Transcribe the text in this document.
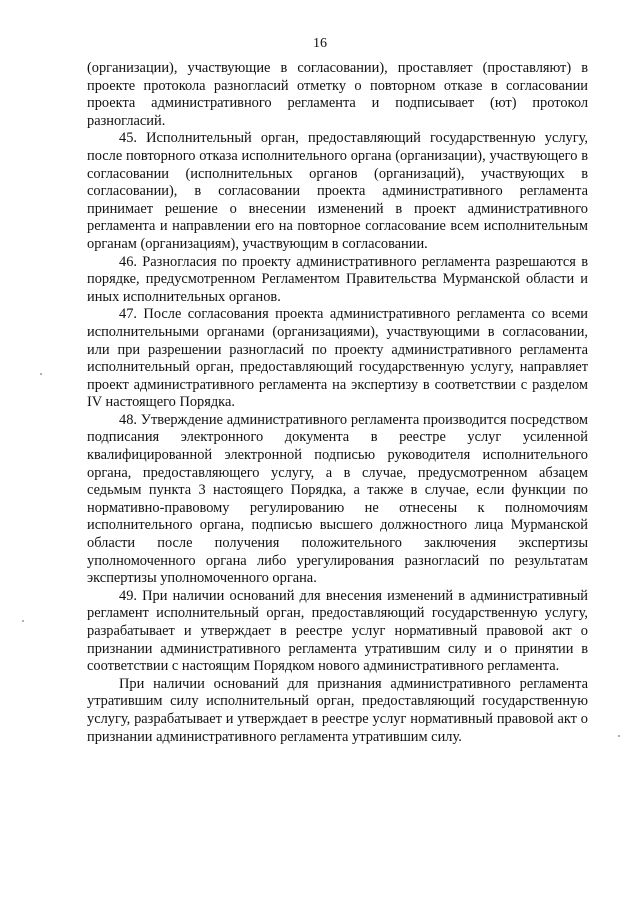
16

(организации), участвующие в согласовании), проставляет (проставляют) в проекте протокола разногласий отметку о повторном отказе в согласовании проекта административного регламента и подписывает (ют) протокол разногласий.

45. Исполнительный орган, предоставляющий государственную услугу, после повторного отказа исполнительного органа (организации), участвующего в согласовании (исполнительных органов (организаций), участвующих в согласовании), в согласовании проекта административного регламента принимает решение о внесении изменений в проект административного регламента и направлении его на повторное согласование всем исполнительным органам (организациям), участвующим в согласовании.

46. Разногласия по проекту административного регламента разрешаются в порядке, предусмотренном Регламентом Правительства Мурманской области и иных исполнительных органов.

47. После согласования проекта административного регламента со всеми исполнительными органами (организациями), участвующими в согласовании, или при разрешении разногласий по проекту административного регламента исполнительный орган, предоставляющий государственную услугу, направляет проект административного регламента на экспертизу в соответствии с разделом IV настоящего Порядка.

48. Утверждение административного регламента производится посредством подписания электронного документа в реестре услуг усиленной квалифицированной электронной подписью руководителя исполнительного органа, предоставляющего услугу, а в случае, предусмотренном абзацем седьмым пункта 3 настоящего Порядка, а также в случае, если функции по нормативно-правовому регулированию не отнесены к полномочиям исполнительного органа, подписью высшего должностного лица Мурманской области после получения положительного заключения экспертизы уполномоченного органа либо урегулирования разногласий по результатам экспертизы уполномоченного органа.

49. При наличии оснований для внесения изменений в административный регламент исполнительный орган, предоставляющий государственную услугу, разрабатывает и утверждает в реестре услуг нормативный правовой акт о признании административного регламента утратившим силу и о принятии в соответствии с настоящим Порядком нового административного регламента.

При наличии оснований для признания административного регламента утратившим силу исполнительный орган, предоставляющий государственную услугу, разрабатывает и утверждает в реестре услуг нормативный правовой акт о признании административного регламента утратившим силу.
